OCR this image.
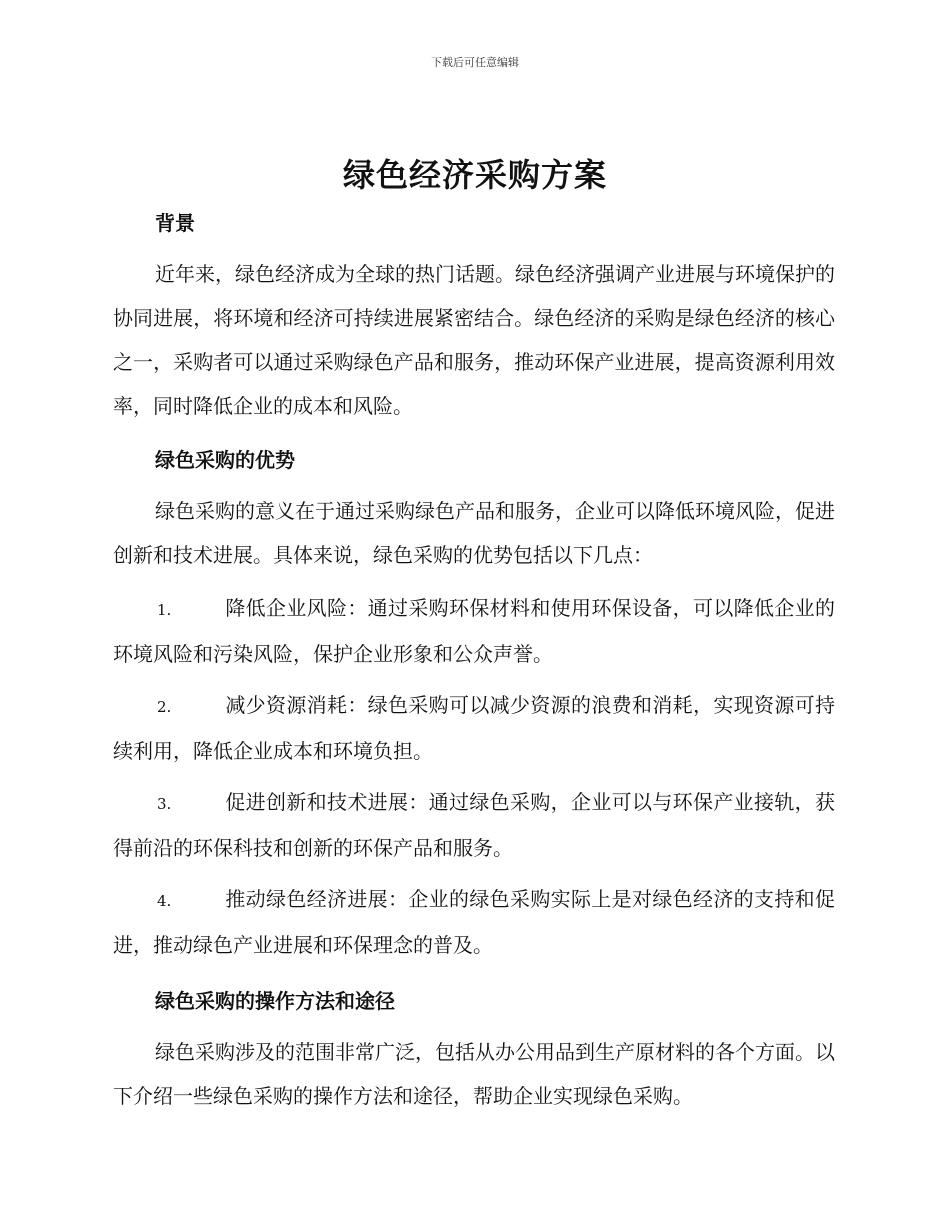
下载后可任意编辑
绿色经济采购方案
背景

近年来，绿色经济成为全球的热门话题。绿色经济强调产业进展与环境保护的协同进展，将环境和经济可持续进展紧密结合。绿色经济的采购是绿色经济的核心之一，采购者可以通过采购绿色产品和服务，推动环保产业进展，提高资源利用效率，同时降低企业的成本和风险。

绿色采购的优势

绿色采购的意义在于通过采购绿色产品和服务，企业可以降低环境风险，促进创新和技术进展。具体来说，绿色采购的优势包括以下几点：

1.	降低企业风险：通过采购环保材料和使用环保设备，可以降低企业的环境风险和污染风险，保护企业形象和公众声誉。

2.	减少资源消耗：绿色采购可以减少资源的浪费和消耗，实现资源可持续利用，降低企业成本和环境负担。

3.	促进创新和技术进展：通过绿色采购，企业可以与环保产业接轨，获得前沿的环保科技和创新的环保产品和服务。

4.	推动绿色经济进展：企业的绿色采购实际上是对绿色经济的支持和促进，推动绿色产业进展和环保理念的普及。

绿色采购的操作方法和途径

绿色采购涉及的范围非常广泛，包括从办公用品到生产原材料的各个方面。以下介绍一些绿色采购的操作方法和途径，帮助企业实现绿色采购。
